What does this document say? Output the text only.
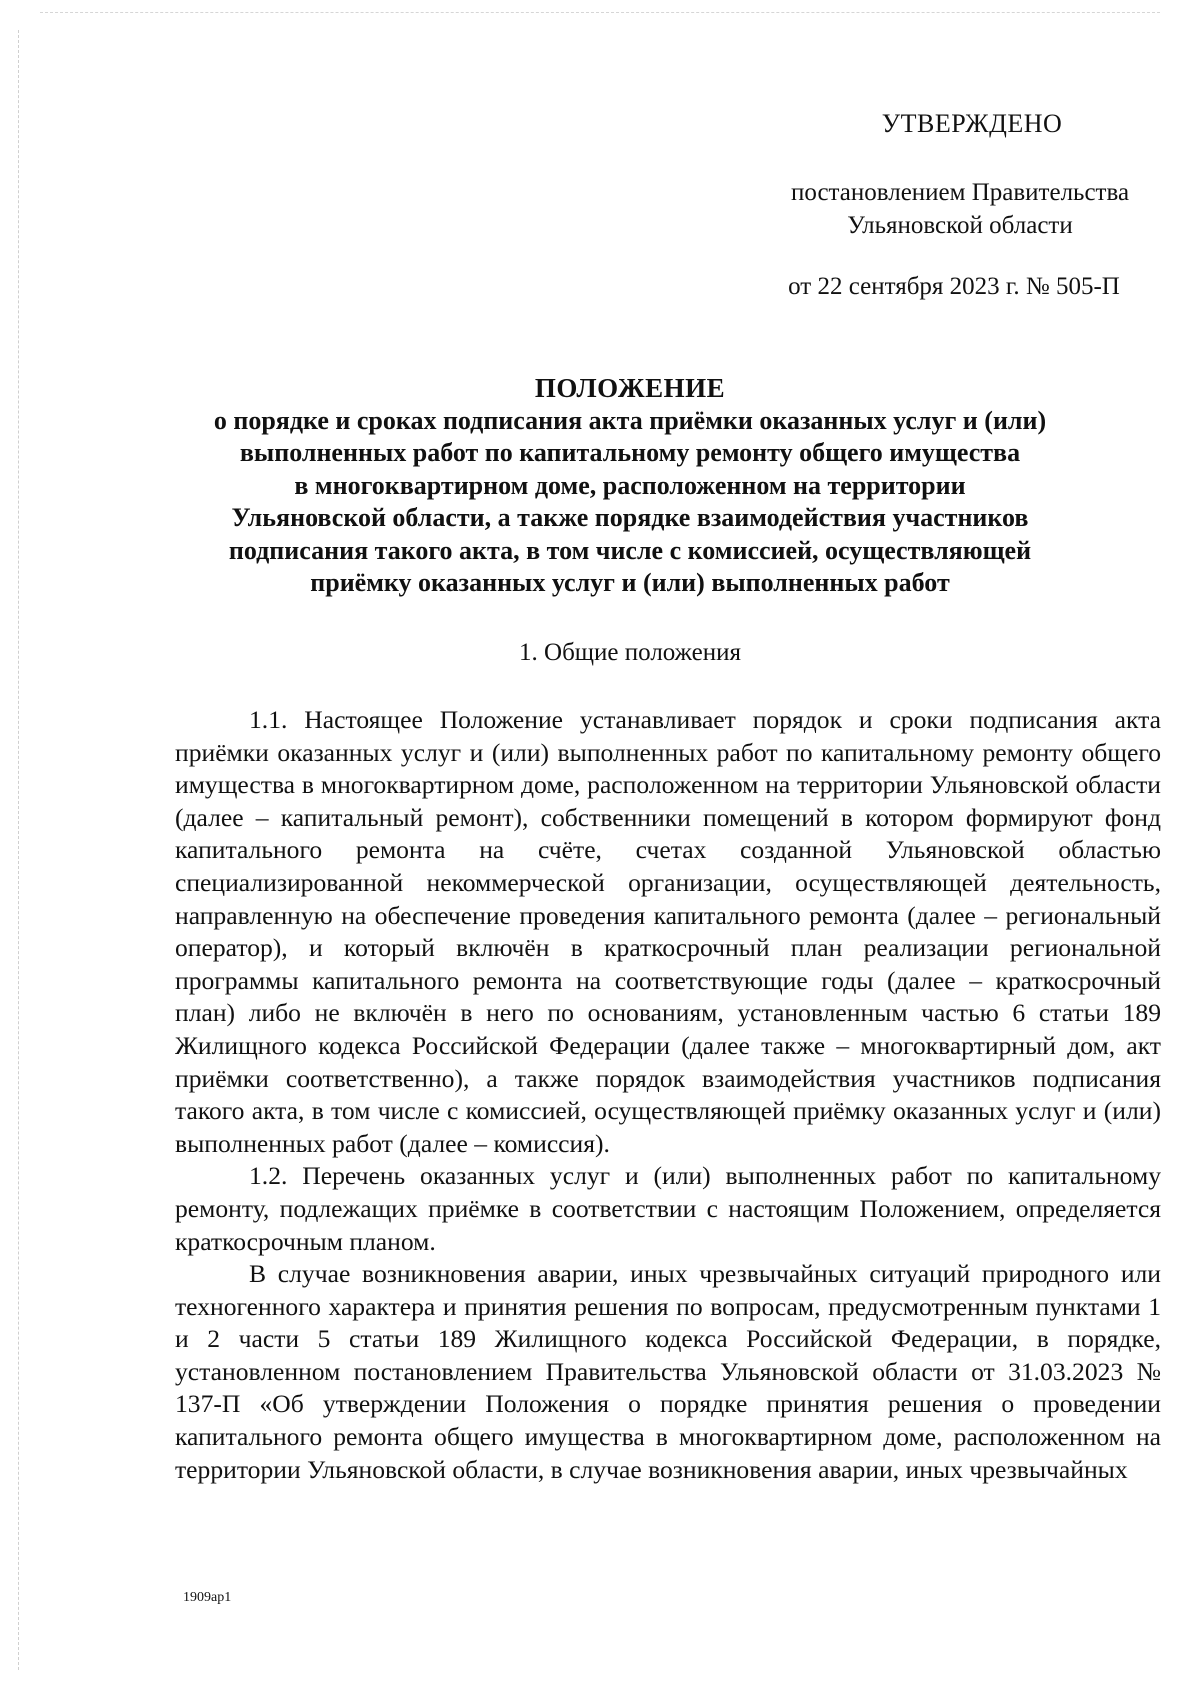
УТВЕРЖДЕНО
постановлением Правительства
Ульяновской области
от 22 сентября 2023 г. № 505-П
ПОЛОЖЕНИЕ
о порядке и сроках подписания акта приёмки оказанных услуг и (или)
выполненных работ по капитальному ремонту общего имущества
в многоквартирном доме, расположенном на территории
Ульяновской области, а также порядке взаимодействия участников
подписания такого акта, в том числе с комиссией, осуществляющей
приёмку оказанных услуг и (или) выполненных работ
1. Общие положения

1.1. Настоящее Положение устанавливает порядок и сроки подписания акта приёмки оказанных услуг и (или) выполненных работ по капитальному ремонту общего имущества в многоквартирном доме, расположенном на территории Ульяновской области (далее – капитальный ремонт), собственники помещений в котором формируют фонд капитального ремонта на счёте, счетах созданной Ульяновской областью специализированной некоммерческой организации, осуществляющей деятельность, направленную на обеспечение проведения капитального ремонта (далее – региональный оператор), и который включён в краткосрочный план реализации региональной программы капитального ремонта на соответствующие годы (далее – краткосрочный план) либо не включён в него по основаниям, установленным частью 6 статьи 189 Жилищного кодекса Российской Федерации (далее также – многоквартирный дом, акт приёмки соответственно), а также порядок взаимодействия участников подписания такого акта, в том числе с комиссией, осуществляющей приёмку оказанных услуг и (или) выполненных работ (далее – комиссия).

1.2. Перечень оказанных услуг и (или) выполненных работ по капитальному ремонту, подлежащих приёмке в соответствии с настоящим Положением, определяется краткосрочным планом.

В случае возникновения аварии, иных чрезвычайных ситуаций природного или техногенного характера и принятия решения по вопросам, предусмотренным пунктами 1 и 2 части 5 статьи 189 Жилищного кодекса Российской Федерации, в порядке, установленном постановлением Правительства Ульяновской области от 31.03.2023 № 137-П «Об утверждении Положения о порядке принятия решения о проведении капитального ремонта общего имущества в многоквартирном доме, расположенном на территории Ульяновской области, в случае возникновения аварии, иных чрезвычайных

1909ap1
